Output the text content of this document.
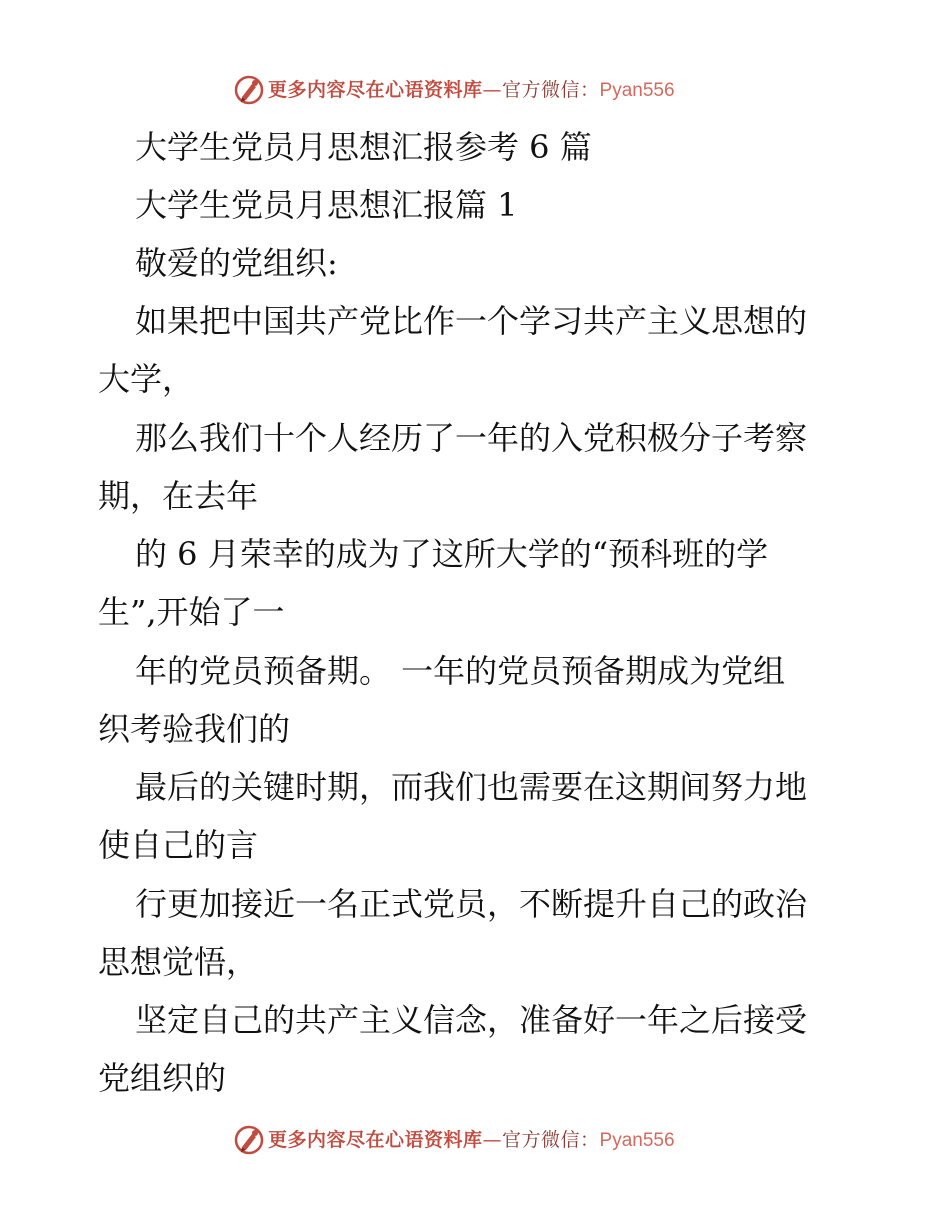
更多内容尽在心语资料库—官方微信：Pyan556
大学生党员月思想汇报参考 6 篇
大学生党员月思想汇报篇 1
敬爱的党组织:
如果把中国共产党比作一个学习共产主义思想的
大学，
那么我们十个人经历了一年的入党积极分子考察
期，在去年
的 6 月荣幸的成为了这所大学的“预科班的学
生”,开始了一
年的党员预备期。 一年的党员预备期成为党组
织考验我们的
最后的关键时期，而我们也需要在这期间努力地
使自己的言
行更加接近一名正式党员，不断提升自己的政治
思想觉悟，
坚定自己的共产主义信念，准备好一年之后接受
党组织的
更多内容尽在心语资料库—官方微信：Pyan556
